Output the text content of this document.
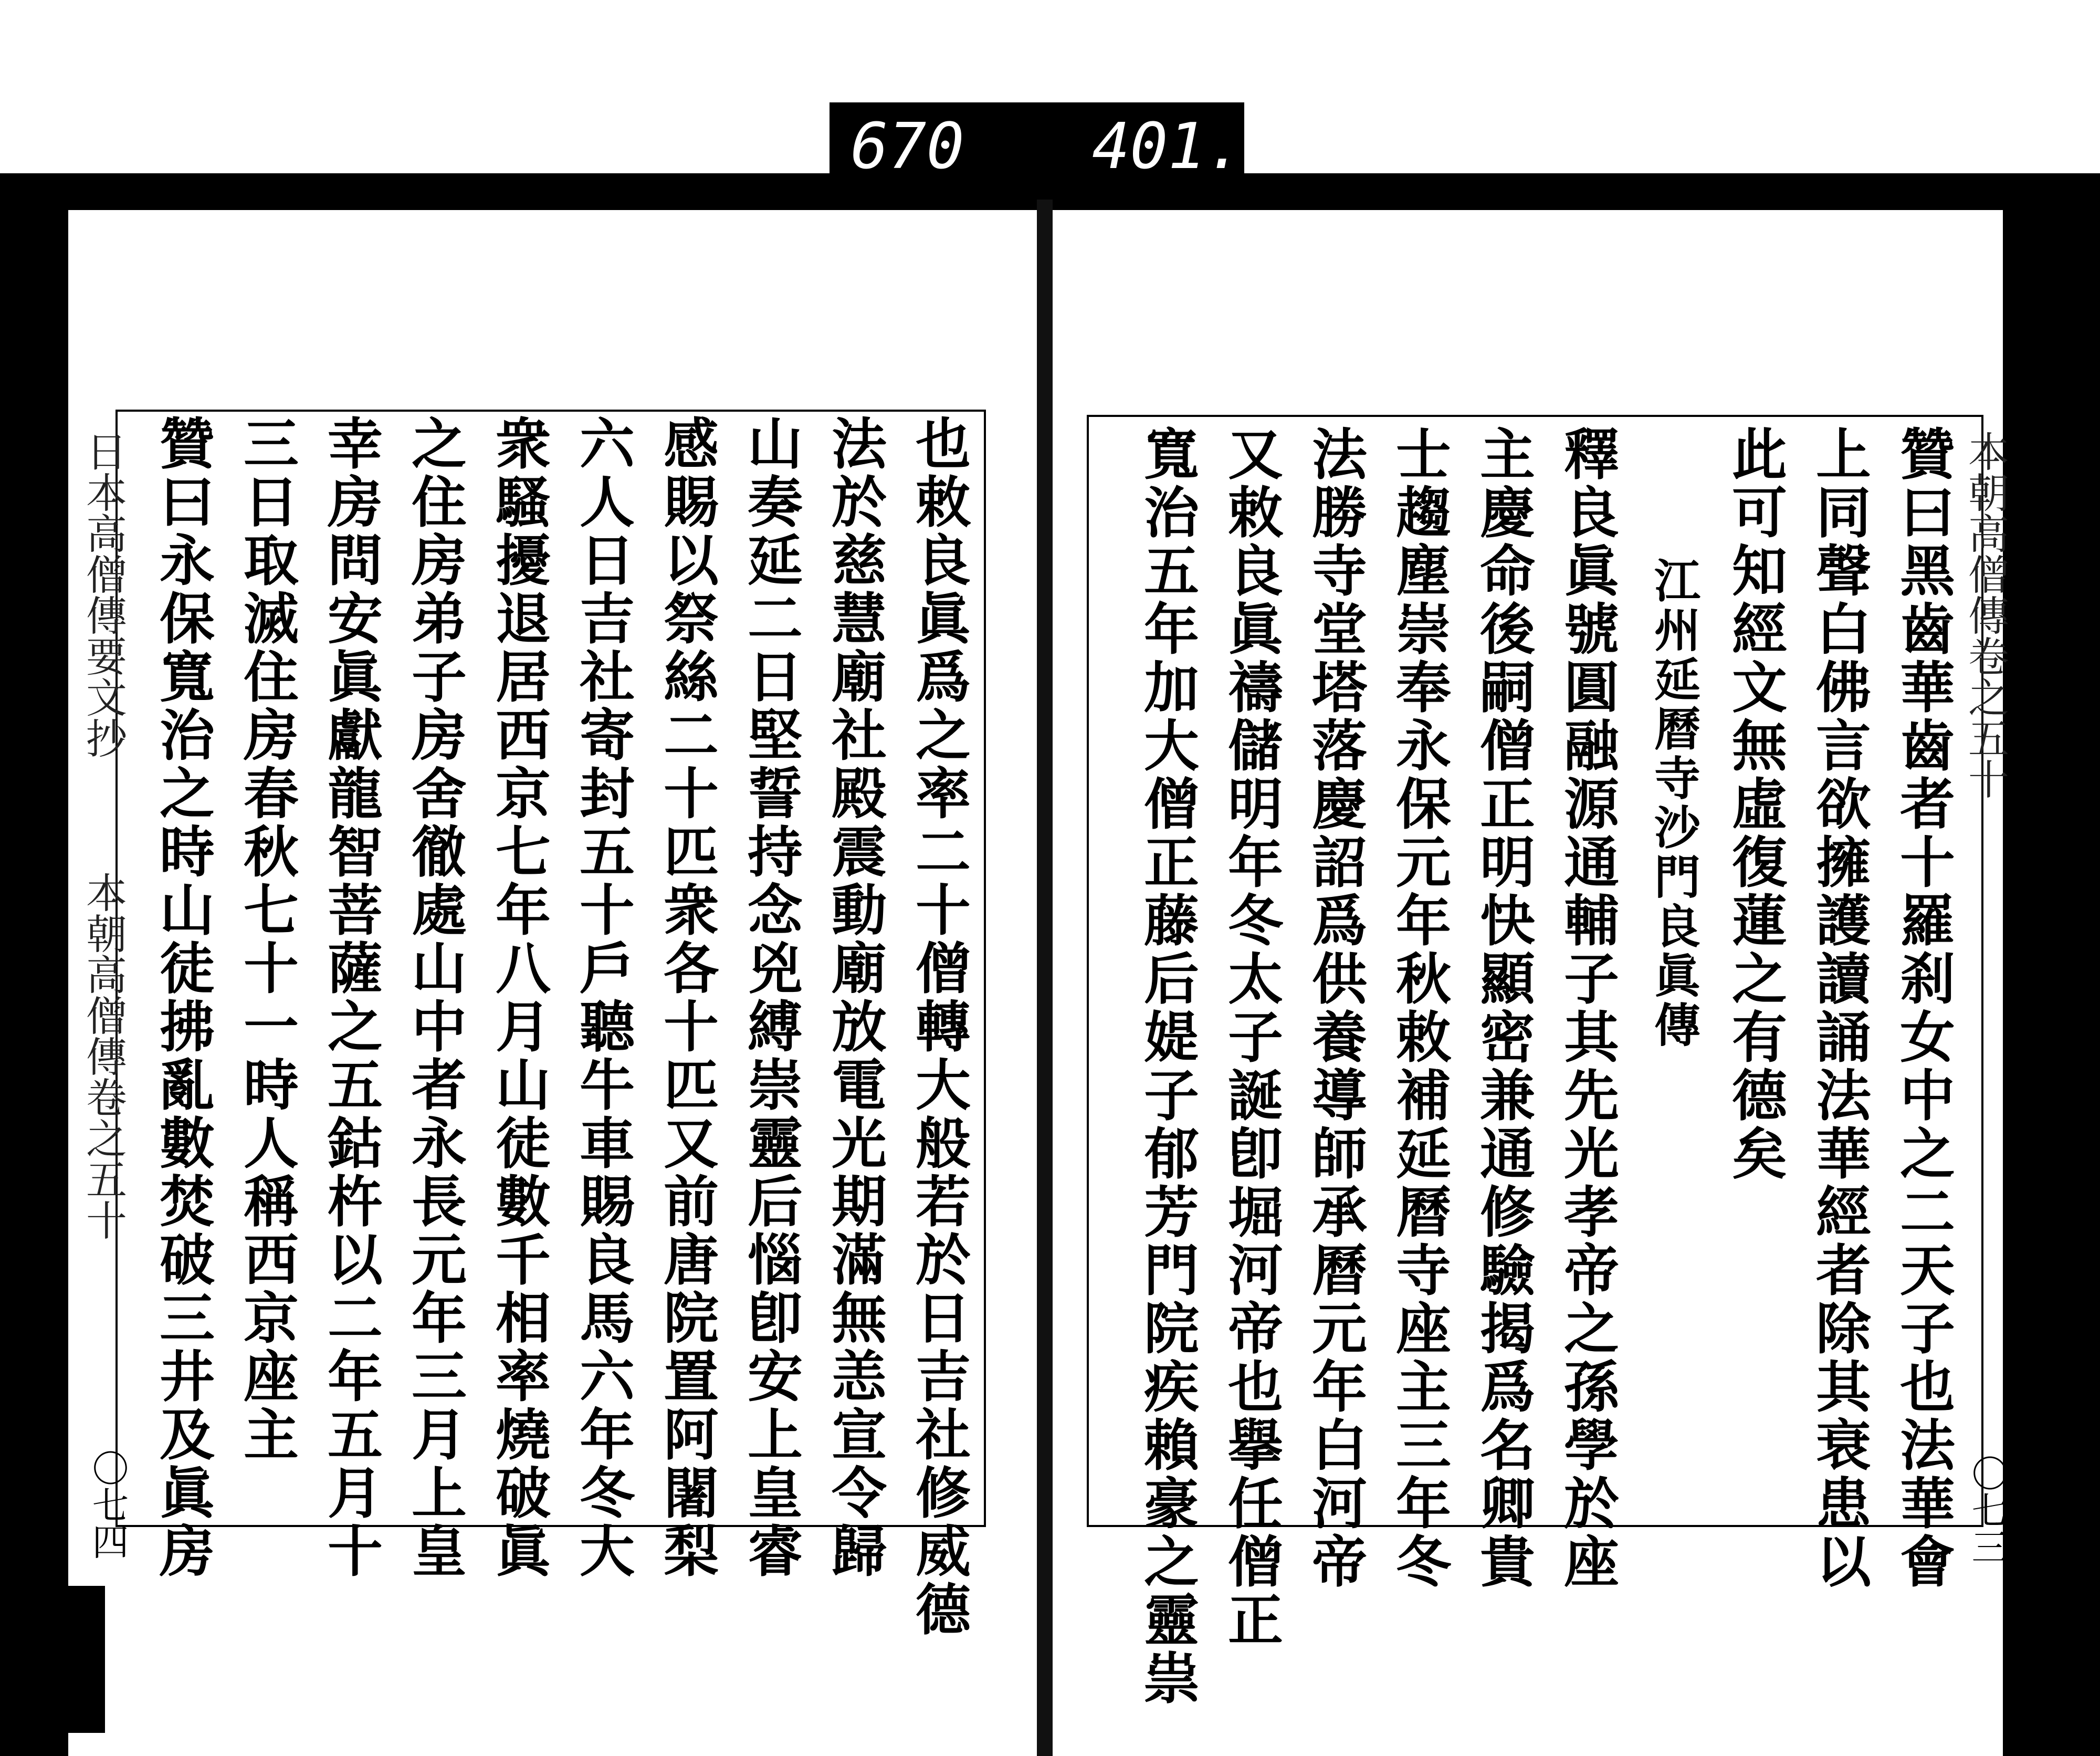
670 401.
日本高僧傳要文抄
本朝高僧傳卷之五十
〇七四	也敕良眞爲之率二十僧轉大般若於日吉社修威德
法於慈慧廟社殿震動廟放電光期滿無恙宣令歸
山奏延二日堅誓持念兇縛崇靈后惱卽安上皇睿
感賜以祭絲二十匹衆各十匹又前唐院置阿闍梨
六人日吉社寄封五十戶聽牛車賜良馬六年冬大
衆騷擾退居西京七年八月山徒數千相率燒破眞
之住房弟子房舍徹處山中者永長元年三月上皇
幸房問安眞獻龍智菩薩之五鈷杵以二年五月十
三日取滅住房春秋七十一時人稱西京座主
贊曰永保寬治之時山徒拂亂數焚破三井及眞房	本朝高僧傳卷之五十
〇七三
贊曰黑齒華齒者十羅刹女中之二天子也法華會
上同聲白佛言欲擁護讀誦法華經者除其衰患以
此可知經文無虛復蓮之有德矣
江州延曆寺沙門良眞傳
釋良眞號圓融源通輔子其先光孝帝之孫學於座
主慶命後嗣僧正明快顯密兼通修驗揭爲名卿貴
士趨塵崇奉永保元年秋敕補延曆寺座主三年冬
法勝寺堂塔落慶詔爲供養導師承曆元年白河帝
又敕良眞禱儲明年冬太子誕卽堀河帝也擧任僧正
寬治五年加大僧正藤后媞子郁芳門院疾賴豪之靈祟
